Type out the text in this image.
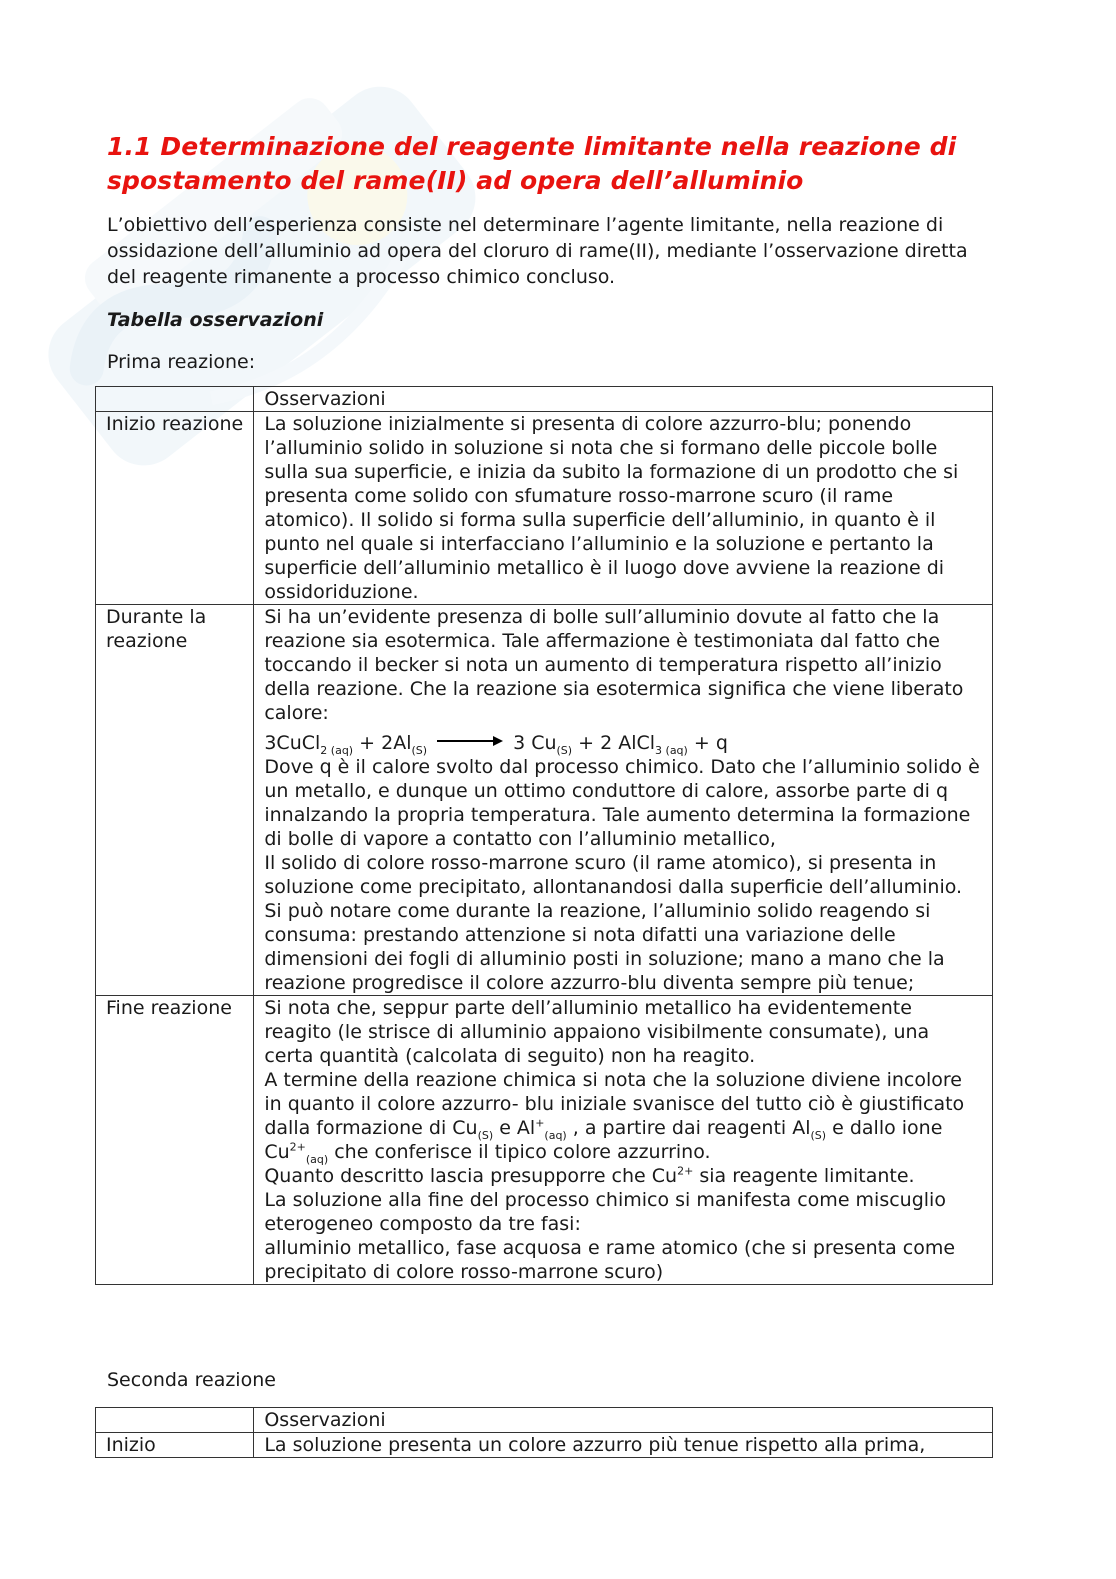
1.1 Determinazione del reagente limitante nella reazione di spostamento del rame(II) ad opera dell’alluminio

L’obiettivo dell’esperienza consiste nel determinare l’agente limitante, nella reazione di ossidazione dell’alluminio ad opera del cloruro di rame(II), mediante l’osservazione diretta del reagente rimanente a processo chimico concluso.

Tabella osservazioni

Prima reazione:

	Osservazioni
Inizio reazione	La soluzione inizialmente si presenta di colore azzurro-blu; ponendo l’alluminio solido in soluzione si nota che si formano delle piccole bolle sulla sua superficie, e inizia da subito la formazione di un prodotto che si presenta come solido con sfumature rosso-marrone scuro (il rame atomico). Il solido si forma sulla superficie dell’alluminio, in quanto è il punto nel quale si interfacciano l’alluminio e la soluzione e pertanto la superficie dell’alluminio metallico è il luogo dove avviene la reazione di ossidoriduzione.
Durante la reazione	Si ha un’evidente presenza di bolle sull’alluminio dovute al fatto che la reazione sia esotermica. Tale affermazione è testimoniata dal fatto che toccando il becker si nota un aumento di temperatura rispetto all’inizio della reazione. Che la reazione sia esotermica significa che viene liberato calore:
3CuCl$_{2 (aq)}$ + $2Al_{(S)} \to 3$ $Cu_{(S)} + 2$ AlCl$_{3 (aq)}$ + q
Dove q è il calore svolto dal processo chimico. Dato che l’alluminio solido è un metallo, e dunque un ottimo conduttore di calore, assorbe parte di q innalzando la propria temperatura. Tale aumento determina la formazione di bolle di vapore a contatto con l’alluminio metallico,
Il solido di colore rosso-marrone scuro (il rame atomico), si presenta in soluzione come precipitato, allontanandosi dalla superficie dell’alluminio. Si può notare come durante la reazione, l’alluminio solido reagendo si consuma: prestando attenzione si nota difatti una variazione delle dimensioni dei fogli di alluminio posti in soluzione; mano a mano che la reazione progredisce il colore azzurro-blu diventa sempre più tenue;

Fine reazione	Si nota che, seppur parte dell’alluminio metallico ha evidentemente reagito (le strisce di alluminio appaiono visibilmente consumate), una certa quantità (calcolata di seguito) non ha reagito.
A termine della reazione chimica si nota che la soluzione diviene incolore in quanto il colore azzurro- blu iniziale svanisce del tutto ciò è giustificato dalla formazione di $Cu_{(S)}$ e $Al^+_{(aq)}$ , a partire dai reagenti $Al_{(S)}$ e dallo ione $Cu^{2+}_{(aq)}$ che conferisce il tipico colore azzurrino.
Quanto descritto lascia presupporre che $Cu^{2+}$ sia reagente limitante.
La soluzione alla fine del processo chimico si manifesta come miscuglio eterogeneo composto da tre fasi:
alluminio metallico, fase acquosa e rame atomico (che si presenta come precipitato di colore rosso-marrone scuro)
Seconda reazione
	Osservazioni
Inizio	La soluzione presenta un colore azzurro più tenue rispetto alla prima,
